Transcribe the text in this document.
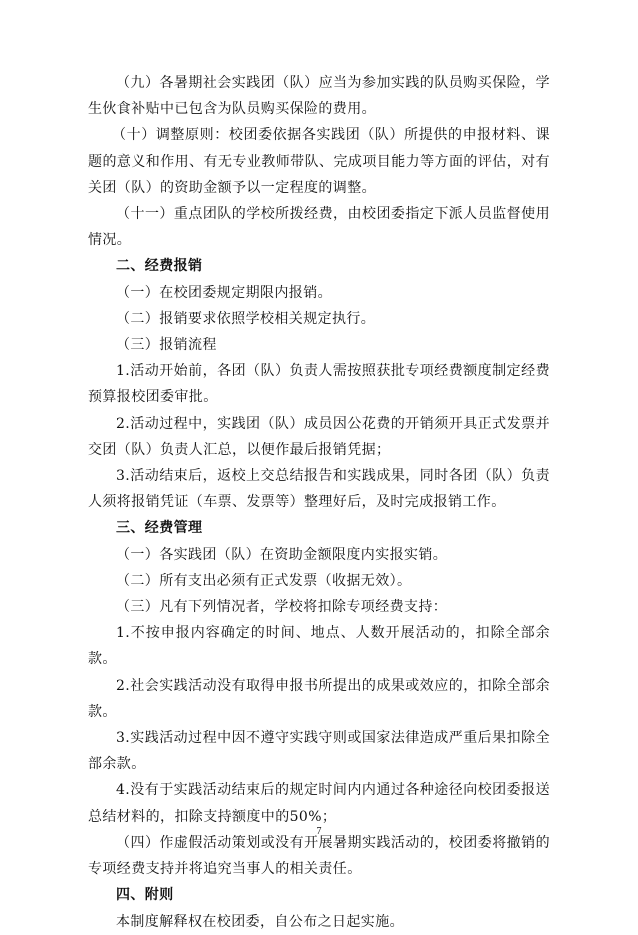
（九）各暑期社会实践团（队）应当为参加实践的队员购买保险，学生伙食补贴中已包含为队员购买保险的费用。

（十）调整原则：校团委依据各实践团（队）所提供的申报材料、课题的意义和作用、有无专业教师带队、完成项目能力等方面的评估，对有关团（队）的资助金额予以一定程度的调整。

（十一）重点团队的学校所拨经费，由校团委指定下派人员监督使用情况。

二、经费报销

（一）在校团委规定期限内报销。

（二）报销要求依照学校相关规定执行。

（三）报销流程

1.活动开始前，各团（队）负责人需按照获批专项经费额度制定经费预算报校团委审批。

2.活动过程中，实践团（队）成员因公花费的开销须开具正式发票并交团（队）负责人汇总，以便作最后报销凭据；

3.活动结束后，返校上交总结报告和实践成果，同时各团（队）负责人须将报销凭证（车票、发票等）整理好后，及时完成报销工作。

三、经费管理

（一）各实践团（队）在资助金额限度内实报实销。

（二）所有支出必须有正式发票（收据无效）。

（三）凡有下列情况者，学校将扣除专项经费支持：

1.不按申报内容确定的时间、地点、人数开展活动的，扣除全部余款。

2.社会实践活动没有取得申报书所提出的成果或效应的，扣除全部余款。

3.实践活动过程中因不遵守实践守则或国家法律造成严重后果扣除全部余款。

4.没有于实践活动结束后的规定时间内内通过各种途径向校团委报送总结材料的，扣除支持额度中的50%；

（四）作虚假活动策划或没有开展暑期实践活动的，校团委将撤销的专项经费支持并将追究当事人的相关责任。

四、附则

本制度解释权在校团委，自公布之日起实施。

7
